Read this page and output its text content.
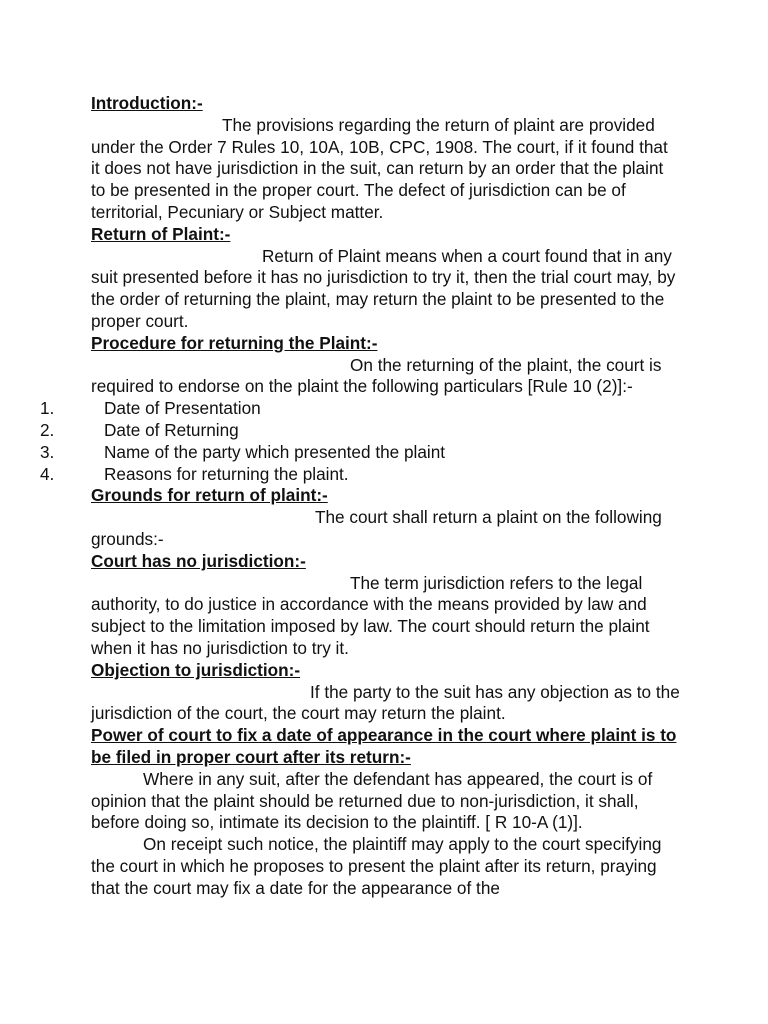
Introduction:-

The provisions regarding the return of plaint are provided under the Order 7 Rules 10, 10A, 10B, CPC, 1908. The court, if it found that it does not have jurisdiction in the suit, can return by an order that the plaint to be presented in the proper court. The defect of jurisdiction can be of territorial, Pecuniary or Subject matter.

Return of Plaint:-

Return of Plaint means when a court found that in any suit presented before it has no jurisdiction to try it, then the trial court may, by the order of returning the plaint, may return the plaint to be presented to the proper court.

Procedure for returning the Plaint:-

On the returning of the plaint, the court is required to endorse on the plaint the following particulars [Rule 10 (2)]:-

1.	Date of Presentation
2.	Date of Returning
3.	Name of the party which presented the plaint
4.	Reasons for returning the plaint.

Grounds for return of plaint:-

The court shall return a plaint on the following grounds:-

Court has no jurisdiction:-

The term jurisdiction refers to the legal authority, to do justice in accordance with the means provided by law and subject to the limitation imposed by law. The court should return the plaint when it has no jurisdiction to try it.

Objection to jurisdiction:-

If the party to the suit has any objection as to the jurisdiction of the court, the court may return the plaint.

Power of court to fix a date of appearance in the court where plaint is to be filed in proper court after its return:-

Where in any suit, after the defendant has appeared, the court is of opinion that the plaint should be returned due to non-jurisdiction, it shall, before doing so, intimate its decision to the plaintiff. [ R 10-A (1)].

On receipt such notice, the plaintiff may apply to the court specifying the court in which he proposes to present the plaint after its return, praying that the court may fix a date for the appearance of the
